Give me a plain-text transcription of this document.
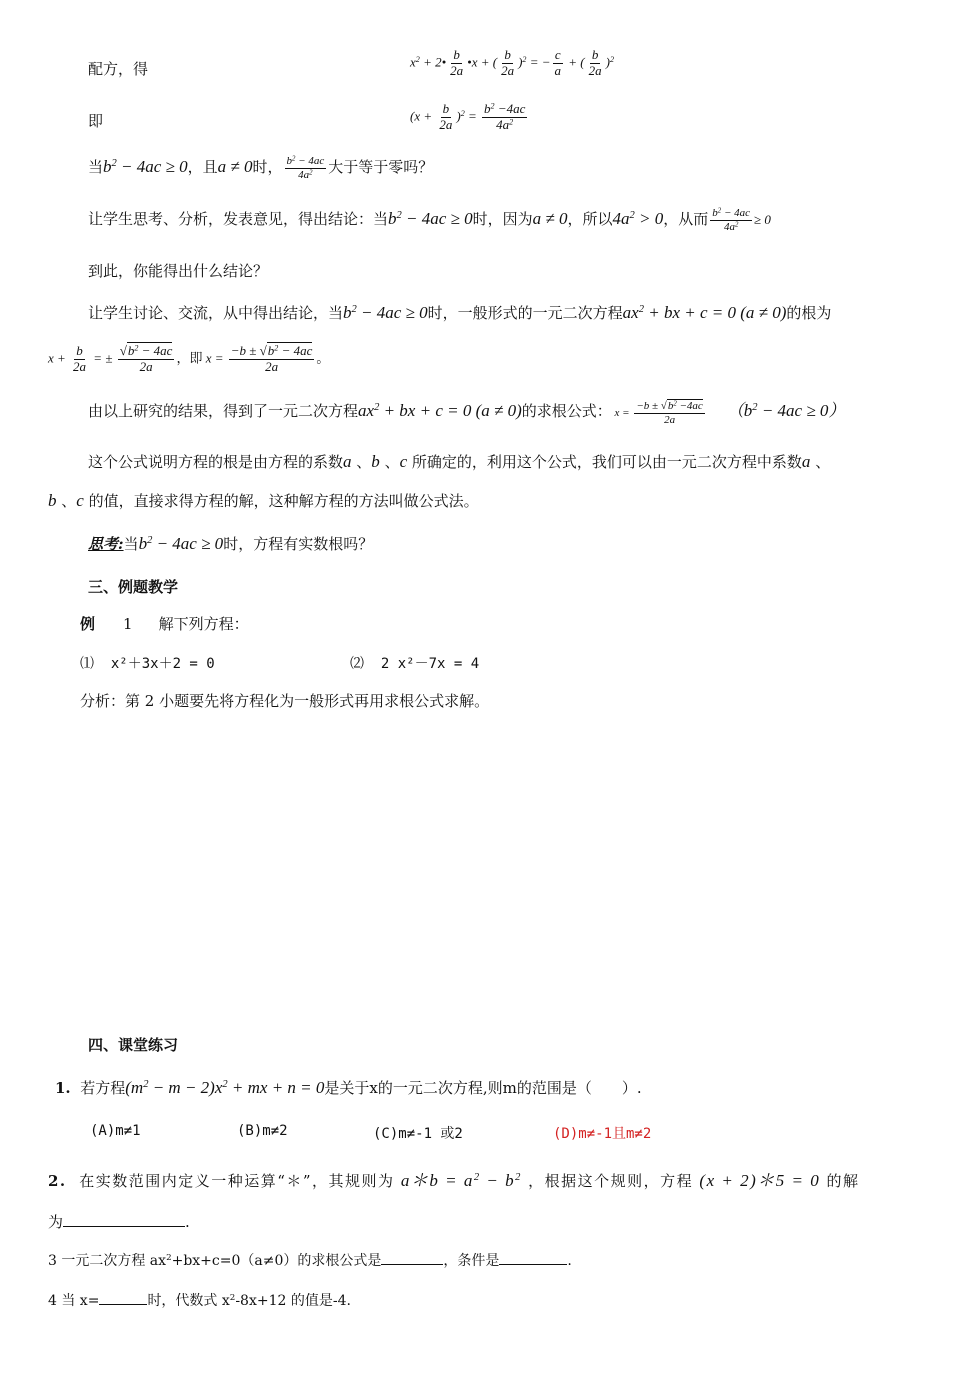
配方，得	$x^2$ + 2• $\frac{b}{2a}$ •x + ( $\frac{b}{2a} )^2$ = − $\frac{c}{a}$ + ( $\frac{b}{2a} )^2$
即	$(x + \frac{b}{2a} )^2 = \frac{b^2 -4ac}{4a^2}$
当$b^2 - 4ac \ge 0$，且a ≠ 0时， $\frac{b^2 - 4ac}{4a^2}$ 大于等于零吗？
让学生思考、分析，发表意见，得出结论：当$b^2 - 4ac \ge 0$时，因为a ≠ 0，所以$4a^2 > 0$，从而 $\frac{b^2 - 4ac}{4a^2} \ge 0$
到此，你能得出什么结论？
让学生讨论、交流，从中得出结论，当$b^2 - 4ac \ge 0$时，一般形式的一元二次方程$ax^2$ + bx + c = 0 (a ≠ 0)的根为
$x + \frac{b}{2a}$ = ± $\frac{√b^2 - 4ac}{2a}$ ，即 $x = \frac{-b \pm √b^2 - 4ac}{2a}$ 。
由以上研究的结果，得到了一元二次方程$ax^2$ + bx + c = 0 (a ≠ 0)的求根公式： $x = \frac{-b \pm √b^2 -4ac}{2a} (b^2 - 4ac \ge 0)$
这个公式说明方程的根是由方程的系数a 、b 、c 所确定的，利用这个公式，我们可以由一元二次方程中系数a 、
b 、c 的值，直接求得方程的解，这种解方程的方法叫做公式法。
思考:当$b^2 - 4ac \ge 0$时，方程有实数根吗？
三、例题教学
例 1 解下列方程：
⑴ x²＋3x＋2 = 0	⑵ 2 x²－7x = 4
分析：第 2 小题要先将方程化为一般形式再用求根公式求解。
四、课堂练习
1. 若方程$(m^2 - m - 2)x^2$ + mx + n = 0是关于x的一元二次方程,则m的范围是（　　）.
(A)m≠1	(B)m≠2	(C)m≠-1 或2	(D)m≠-1且m≠2
2. 在实数范围内定义一种运算“＊”，其规则为 a＊b = $a^2 - b^2$ ，根据这个规则，方程 (x + 2)＊5 = 0 的解
为	.
3 一元二次方程 $ax^2+bx+c=0(a\ne 0)$的求根公式是	，条件是	.
4 当 x=	时，代数式 $x^2-8x+12$ 的值是-4.
